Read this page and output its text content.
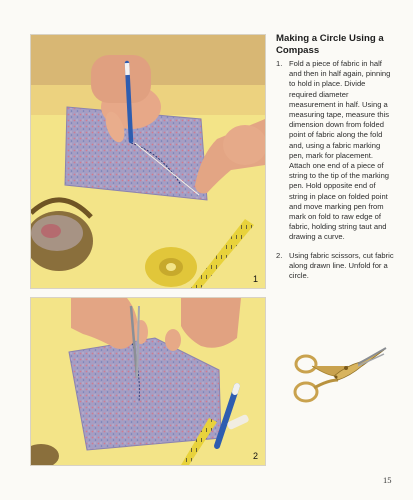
1
2
Making a Circle Using a Compass
1. Fold a piece of fabric in half and then in half again, pinning to hold in place. Divide required diameter measurement in half. Using a measuring tape, measure this dimension down from folded point of fabric along the fold and, using a fabric marking pen, mark for placement. Attach one end of a piece of string to the tip of the marking pen. Hold opposite end of string in place on folded point and move marking pen from mark on fold to raw edge of fabric, holding string taut and drawing a curve.
2. Using fabric scissors, cut fabric along drawn line. Unfold for a circle.
15
